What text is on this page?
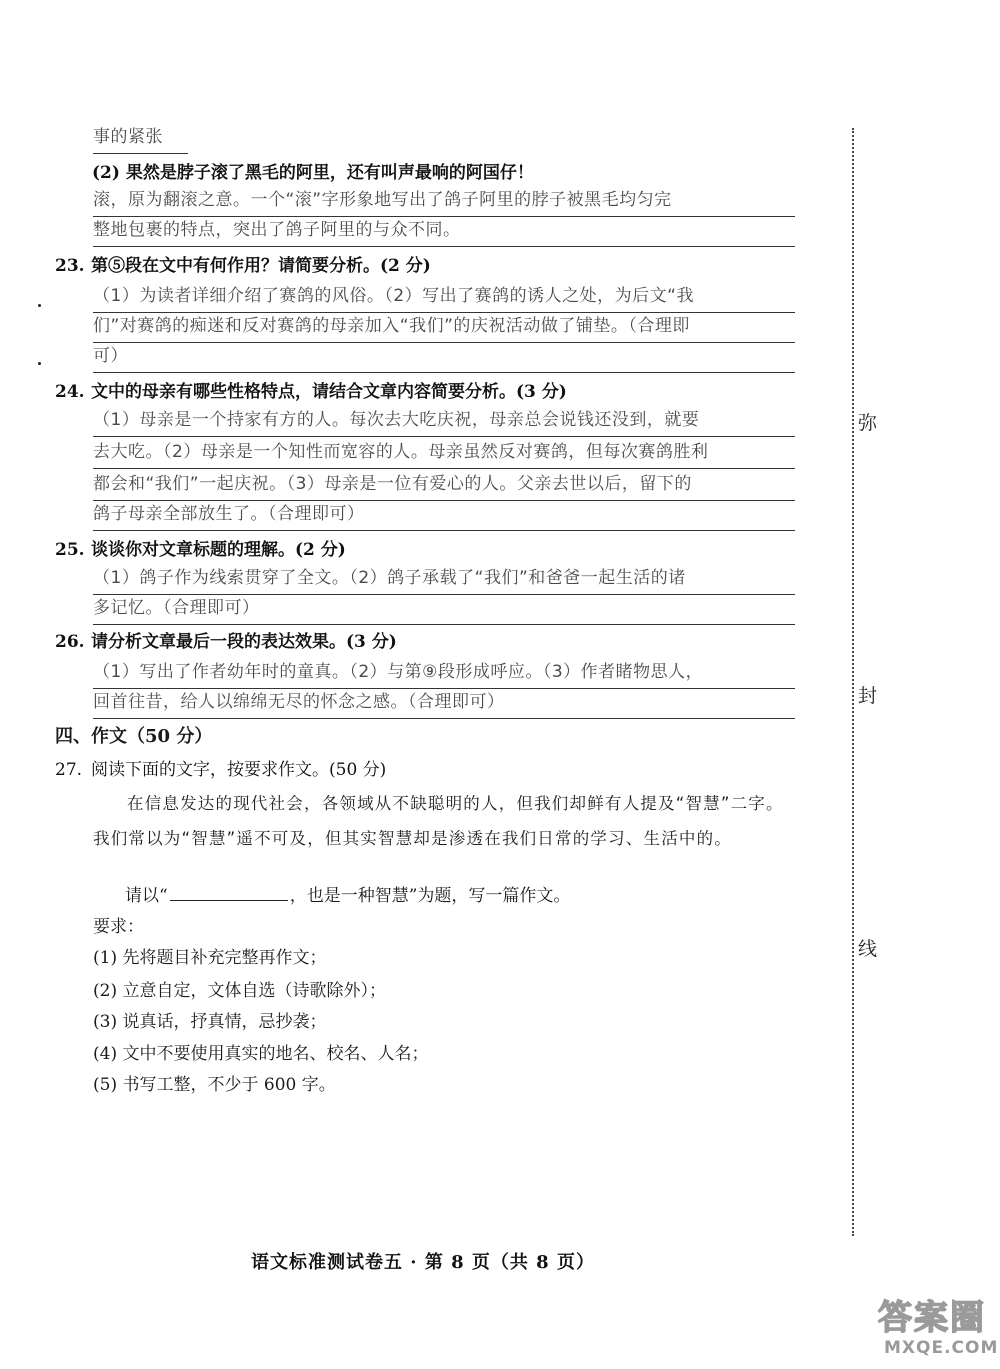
事的紧张
(2) 果然是脖子滚了黑毛的阿里，还有叫声最响的阿国仔！
滚，原为翻滚之意。一个“滚”字形象地写出了鸽子阿里的脖子被黑毛均匀完
整地包裹的特点，突出了鸽子阿里的与众不同。
23. 第⑤段在文中有何作用？请简要分析。(2 分)
（1）为读者详细介绍了赛鸽的风俗。（2）写出了赛鸽的诱人之处，为后文“我
们”对赛鸽的痴迷和反对赛鸽的母亲加入“我们”的庆祝活动做了铺垫。（合理即
可）
24. 文中的母亲有哪些性格特点，请结合文章内容简要分析。(3 分)
（1）母亲是一个持家有方的人。每次去大吃庆祝，母亲总会说钱还没到，就要
去大吃。（2）母亲是一个知性而宽容的人。母亲虽然反对赛鸽，但每次赛鸽胜利
都会和“我们”一起庆祝。（3）母亲是一位有爱心的人。父亲去世以后，留下的
鸽子母亲全部放生了。（合理即可）
25. 谈谈你对文章标题的理解。(2 分)
（1）鸽子作为线索贯穿了全文。（2）鸽子承载了“我们”和爸爸一起生活的诸
多记忆。（合理即可）
26. 请分析文章最后一段的表达效果。(3 分)
（1）写出了作者幼年时的童真。（2）与第⑨段形成呼应。（3）作者睹物思人，
回首往昔，给人以绵绵无尽的怀念之感。（合理即可）
四、作文（50 分）
27. 阅读下面的文字，按要求作文。(50 分)
在信息发达的现代社会，各领域从不缺聪明的人，但我们却鲜有人提及“智慧”二字。我们常以为“智慧”遥不可及，但其实智慧却是渗透在我们日常的学习、生活中的。
请以“	，也是一种智慧”为题，写一篇作文。
要求：
(1) 先将题目补充完整再作文；
(2) 立意自定，文体自选（诗歌除外）；
(3) 说真话，抒真情，忌抄袭；
(4) 文中不要使用真实的地名、校名、人名；
(5) 书写工整，不少于 600 字。
弥
封
线
语文标准测试卷五 · 第 8 页（共 8 页）
答案圈
MXQE.COM
